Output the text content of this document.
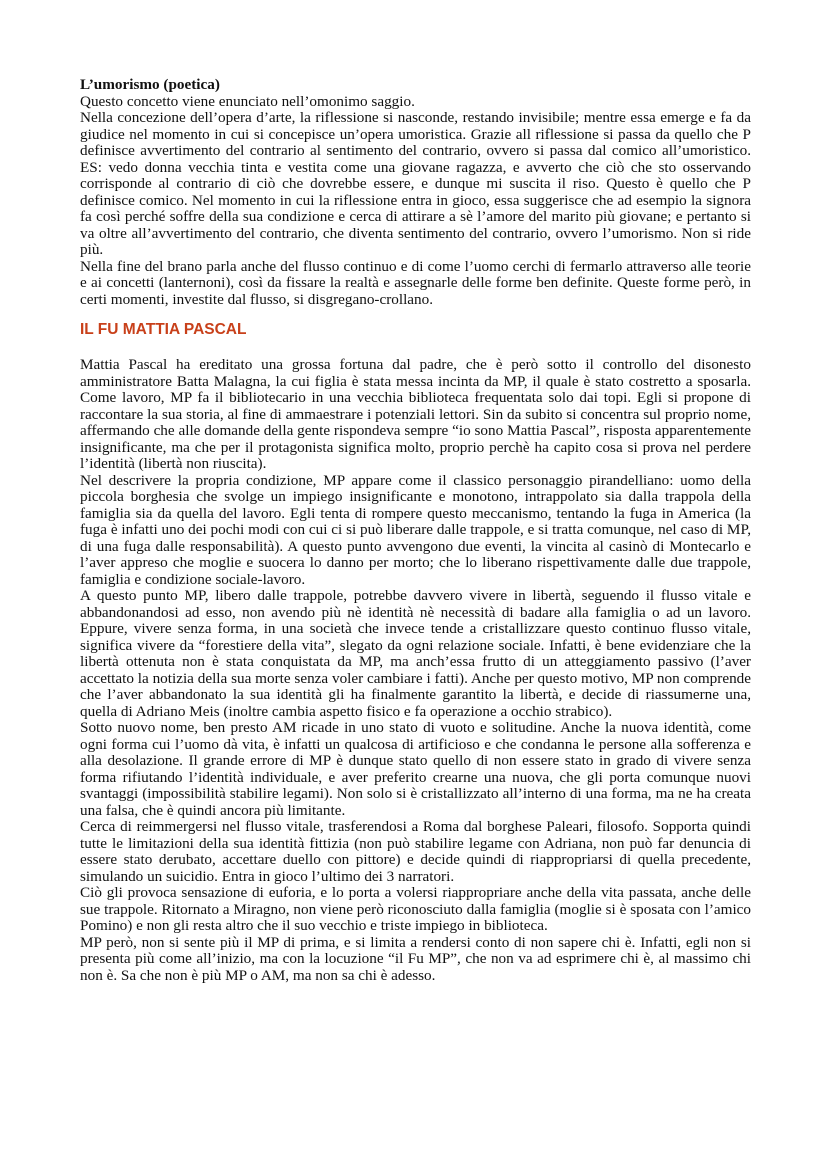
L’umorismo (poetica)

Questo concetto viene enunciato nell’omonimo saggio.

Nella concezione dell’opera d’arte, la riflessione si nasconde, restando invisibile; mentre essa emerge e fa da giudice nel momento in cui si concepisce un’opera umoristica. Grazie all riflessione si passa da quello che P definisce avvertimento del contrario al sentimento del contrario, ovvero si passa dal comico all’umoristico. ES: vedo donna vecchia tinta e vestita come una giovane ragazza, e avverto che ciò che sto osservando corrisponde al contrario di ciò che dovrebbe essere, e dunque mi suscita il riso. Questo è quello che P definisce comico. Nel momento in cui la riflessione entra in gioco, essa suggerisce che ad esempio la signora fa così perché soffre della sua condizione e cerca di attirare a sè l’amore del marito più giovane; e pertanto si va oltre all’avvertimento del contrario, che diventa sentimento del contrario, ovvero l’umorismo. Non si ride più.

Nella fine del brano parla anche del flusso continuo e di come l’uomo cerchi di fermarlo attraverso alle teorie e ai concetti (lanternoni), così da fissare la realtà e assegnarle delle forme ben definite. Queste forme però, in certi momenti, investite dal flusso, si disgregano-crollano.

IL FU MATTIA PASCAL

Mattia Pascal ha ereditato una grossa fortuna dal padre, che è però sotto il controllo del disonesto amministratore Batta Malagna, la cui figlia è stata messa incinta da MP, il quale è stato costretto a sposarla. Come lavoro, MP fa il bibliotecario in una vecchia biblioteca frequentata solo dai topi. Egli si propone di raccontare la sua storia, al fine di ammaestrare i potenziali lettori. Sin da subito si concentra sul proprio nome, affermando che alle domande della gente rispondeva sempre “io sono Mattia Pascal”, risposta apparentemente insignificante, ma che per il protagonista significa molto, proprio perchè ha capito cosa si prova nel perdere l’identità (libertà non riuscita).

Nel descrivere la propria condizione, MP appare come il classico personaggio pirandelliano: uomo della piccola borghesia che svolge un impiego insignificante e monotono, intrappolato sia dalla trappola della famiglia sia da quella del lavoro. Egli tenta di rompere questo meccanismo, tentando la fuga in America (la fuga è infatti uno dei pochi modi con cui ci si può liberare dalle trappole, e si tratta comunque, nel caso di MP, di una fuga dalle responsabilità). A questo punto avvengono due eventi, la vincita al casinò di Montecarlo e l’aver appreso che moglie e suocera lo danno per morto; che lo liberano rispettivamente dalle due trappole, famiglia e condizione sociale-lavoro.

A questo punto MP, libero dalle trappole, potrebbe davvero vivere in libertà, seguendo il flusso vitale e abbandonandosi ad esso, non avendo più nè identità nè necessità di badare alla famiglia o ad un lavoro. Eppure, vivere senza forma, in una società che invece tende a cristallizzare questo continuo flusso vitale, significa vivere da “forestiere della vita”, slegato da ogni relazione sociale. Infatti, è bene evidenziare che la libertà ottenuta non è stata conquistata da MP, ma anch’essa frutto di un atteggiamento passivo (l’aver accettato la notizia della sua morte senza voler cambiare i fatti). Anche per questo motivo, MP non comprende che l’aver abbandonato la sua identità gli ha finalmente garantito la libertà, e decide di riassumerne una, quella di Adriano Meis (inoltre cambia aspetto fisico e fa operazione a occhio strabico).

Sotto nuovo nome, ben presto AM ricade in uno stato di vuoto e solitudine. Anche la nuova identità, come ogni forma cui l’uomo dà vita, è infatti un qualcosa di artificioso e che condanna le persone alla sofferenza e alla desolazione. Il grande errore di MP è dunque stato quello di non essere stato in grado di vivere senza forma rifiutando l’identità individuale, e aver preferito crearne una nuova, che gli porta comunque nuovi svantaggi (impossibilità stabilire legami). Non solo si è cristallizzato all’interno di una forma, ma ne ha creata una falsa, che è quindi ancora più limitante.

Cerca di reimmergersi nel flusso vitale, trasferendosi a Roma dal borghese Paleari, filosofo. Sopporta quindi tutte le limitazioni della sua identità fittizia (non può stabilire legame con Adriana, non può far denuncia di essere stato derubato, accettare duello con pittore) e decide quindi di riappropriarsi di quella precedente, simulando un suicidio. Entra in gioco l’ultimo dei 3 narratori.

Ciò gli provoca sensazione di euforia, e lo porta a volersi riappropriare anche della vita passata, anche delle sue trappole. Ritornato a Miragno, non viene però riconosciuto dalla famiglia (moglie si è sposata con l’amico Pomino) e non gli resta altro che il suo vecchio e triste impiego in biblioteca.

MP però, non si sente più il MP di prima, e si limita a rendersi conto di non sapere chi è. Infatti, egli non si presenta più come all’inizio, ma con la locuzione “il Fu MP”, che non va ad esprimere chi è, al massimo chi non è. Sa che non è più MP o AM, ma non sa chi è adesso.
